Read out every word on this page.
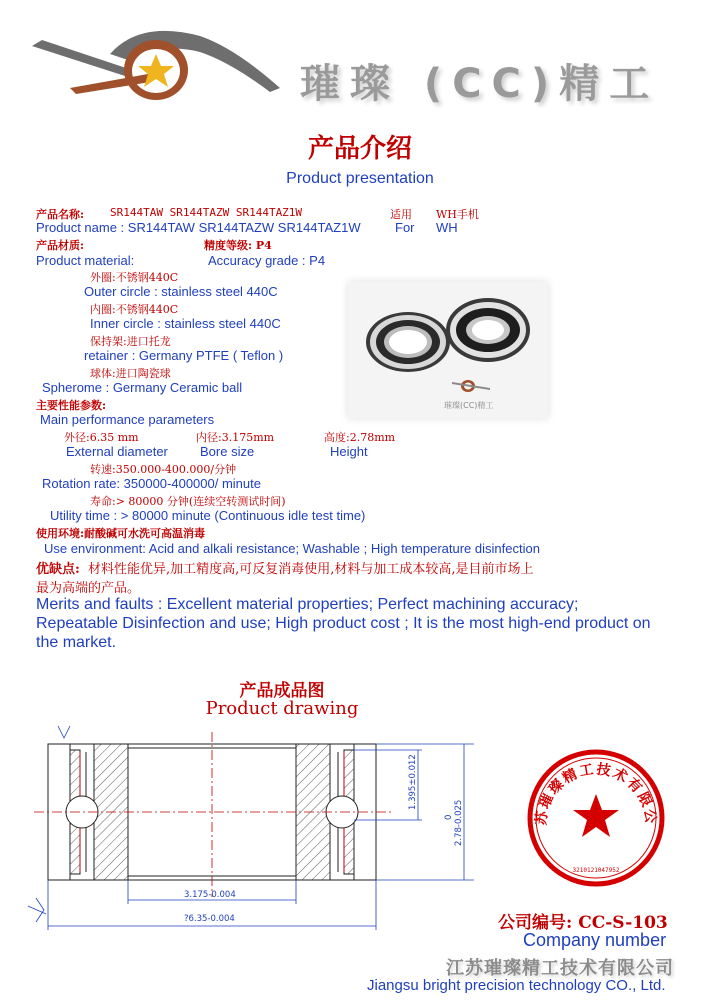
璀璨 (CC)精工
产品介绍
Product presentation
产品名称: SR144TAW SR144TAZW SR144TAZ1W	适用 WH手机
Product name : SR144TAW SR144TAZW SR144TAZ1W	For WH
产品材质:	精度等级: P4
Product material:	Accuracy grade : P4
外圈:不锈钢440C
Outer circle : stainless steel 440C
内圈:不锈钢440C
Inner circle : stainless steel 440C
保持架:进口托龙
retainer : Germany PTFE ( Teflon )
球体:进口陶瓷球
Spherome : Germany Ceramic ball
璀璨(CC)精工
主要性能参数:
Main performance parameters
外径:6.35 mm	内径:3.175mm	高度:2.78mm
External diameter Bore size	Height
转速:350.000-400.000/分钟
Rotation rate: 350000-400000/ minute
寿命:> 80000 分钟(连续空转测试时间)
Utility time : > 80000 minute (Continuous idle test time)
使用环境:耐酸碱可水洗可高温消毒
Use environment: Acid and alkali resistance; Washable ; High temperature disinfection
优缺点: 材料性能优异,加工精度高,可反复消毒使用,材料与加工成本较高,是目前市场上
最为高端的产品。
Merits and faults : Excellent material properties; Perfect machining accuracy;
Repeatable Disinfection and use; High product cost ; It is the most high-end product on
the market.
产品成品图
Product drawing
3.175-0.004
?6.35-0.004
2.78-0.025
1.395±0.012
0	苏璀璨精工技术有限公
3210121047952
公司编号: CC-S-103
Company number
江苏璀璨精工技术有限公司
Jiangsu bright precision technology CO., Ltd.
